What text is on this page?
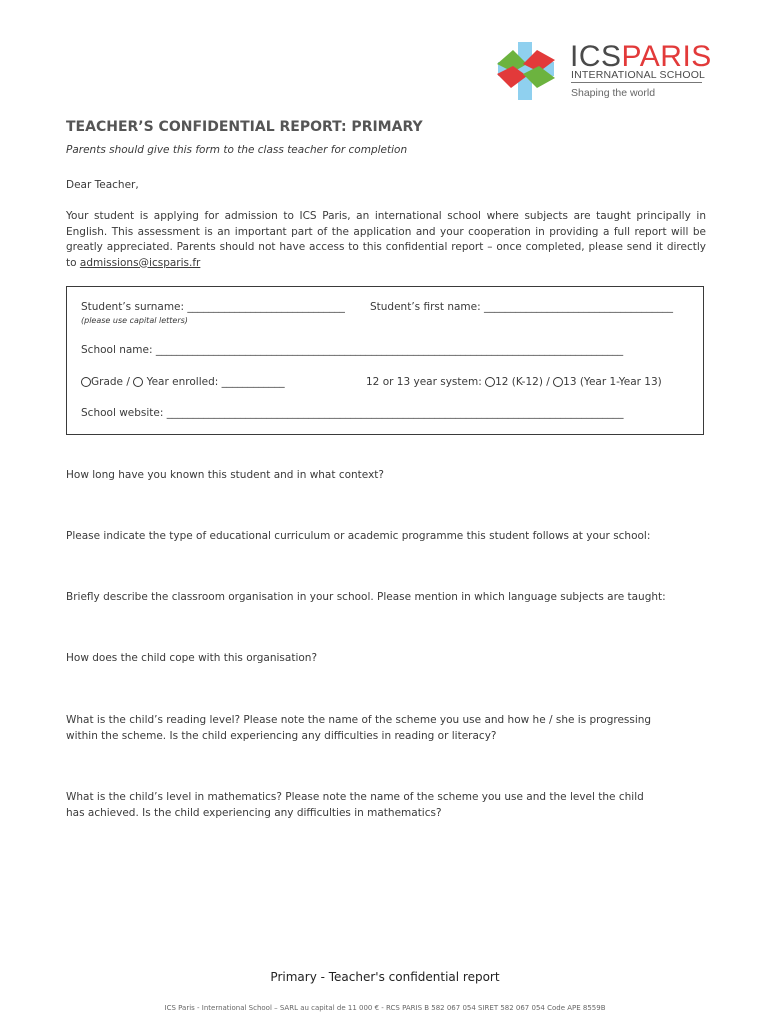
ICSPARIS
INTERNATIONAL SCHOOL
Shaping the world
TEACHER’S CONFIDENTIAL REPORT: PRIMARY
Parents should give this form to the class teacher for completion
Dear Teacher,
Your student is applying for admission to ICS Paris, an international school where subjects are taught principally in English. This assessment is an important part of the application and your cooperation in providing a full report will be greatly appreciated. Parents should not have access to this confidential report – once completed, please send it directly to admissions@icsparis.fr
Student’s surname: ______________________________ Student’s first name: ____________________________________
(please use capital letters)
School name: _________________________________________________________________________________________
Grade / Year enrolled: ____________	12 or 13 year system: 12 (K-12) / 13 (Year 1-Year 13)
School website: _______________________________________________________________________________________
How long have you known this student and in what context?
Please indicate the type of educational curriculum or academic programme this student follows at your school:
Briefly describe the classroom organisation in your school. Please mention in which language subjects are taught:
How does the child cope with this organisation?
What is the child’s reading level? Please note the name of the scheme you use and how he / she is progressing
within the scheme. Is the child experiencing any difficulties in reading or literacy?
What is the child’s level in mathematics? Please note the name of the scheme you use and the level the child
has achieved. Is the child experiencing any difficulties in mathematics?
Primary - Teacher's confidential report
ICS Paris - International School – SARL au capital de 11 000 € - RCS PARIS B 582 067 054 SIRET 582 067 054 Code APE 8559B
